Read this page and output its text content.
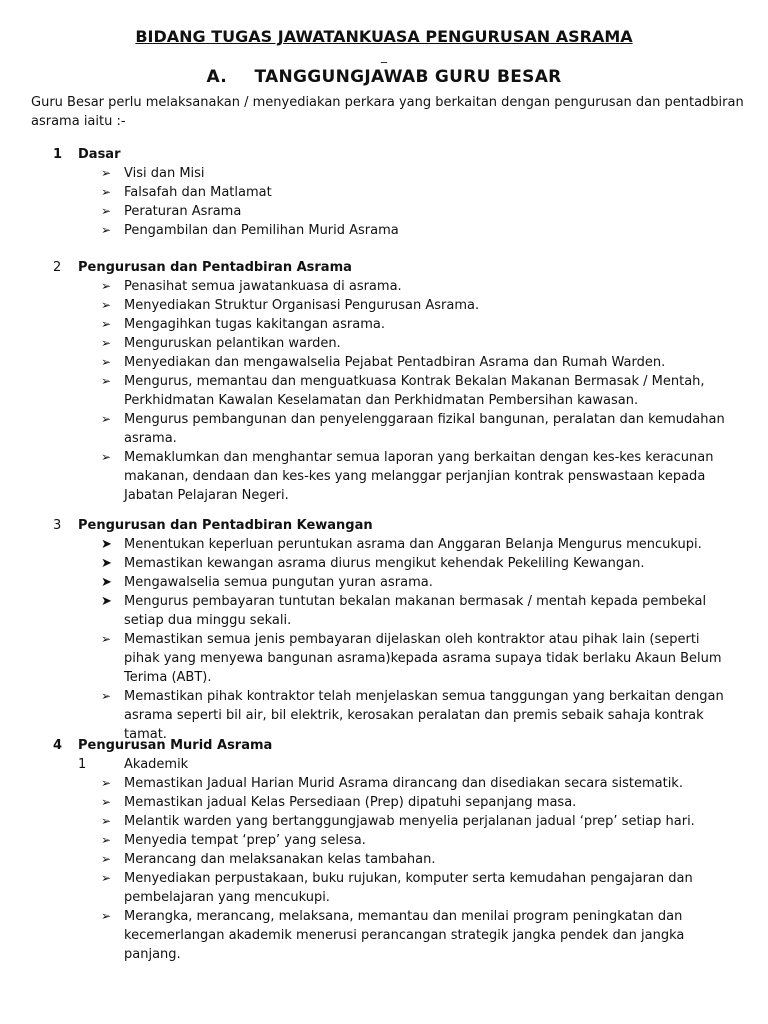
BIDANG TUGAS JAWATANKUASA PENGURUSAN ASRAMA
_
A. TANGGUNGJAWAB GURU BESAR
Guru Besar perlu melaksanakan / menyediakan perkara yang berkaitan dengan pengurusan dan pentadbiran asrama iaitu :-
1 Dasar
➢ Visi dan Misi
➢ Falsafah dan Matlamat
➢ Peraturan Asrama
➢ Pengambilan dan Pemilihan Murid Asrama
2 Pengurusan dan Pentadbiran Asrama
➢ Penasihat semua jawatankuasa di asrama.
➢ Menyediakan Struktur Organisasi Pengurusan Asrama.
➢ Mengagihkan tugas kakitangan asrama.
➢ Menguruskan pelantikan warden.
➢ Menyediakan dan mengawalselia Pejabat Pentadbiran Asrama dan Rumah Warden.
➢ Mengurus, memantau dan menguatkuasa Kontrak Bekalan Makanan Bermasak / Mentah, Perkhidmatan Kawalan Keselamatan dan Perkhidmatan Pembersihan kawasan.
➢ Mengurus pembangunan dan penyelenggaraan fizikal bangunan, peralatan dan kemudahan asrama.
➢ Memaklumkan dan menghantar semua laporan yang berkaitan dengan kes-kes keracunan makanan, dendaan dan kes-kes yang melanggar perjanjian kontrak penswastaan kepada Jabatan Pelajaran Negeri.
3 Pengurusan dan Pentadbiran Kewangan
➤ Menentukan keperluan peruntukan asrama dan Anggaran Belanja Mengurus mencukupi.
➤ Memastikan kewangan asrama diurus mengikut kehendak Pekeliling Kewangan.
➤ Mengawalselia semua pungutan yuran asrama.
➤ Mengurus pembayaran tuntutan bekalan makanan bermasak / mentah kepada pembekal setiap dua minggu sekali.
➢ Memastikan semua jenis pembayaran dijelaskan oleh kontraktor atau pihak lain (seperti pihak yang menyewa bangunan asrama)kepada asrama supaya tidak berlaku Akaun Belum Terima (ABT).
➢ Memastikan pihak kontraktor telah menjelaskan semua tanggungan yang berkaitan dengan asrama seperti bil air, bil elektrik, kerosakan peralatan dan premis sebaik sahaja kontrak tamat.
4 Pengurusan Murid Asrama
1	Akademik
➢ Memastikan Jadual Harian Murid Asrama dirancang dan disediakan secara sistematik.
➢ Memastikan jadual Kelas Persediaan (Prep) dipatuhi sepanjang masa.
➢ Melantik warden yang bertanggungjawab menyelia perjalanan jadual ‘prep’ setiap hari.
➢ Menyedia tempat ‘prep’ yang selesa.
➢ Merancang dan melaksanakan kelas tambahan.
➢ Menyediakan perpustakaan, buku rujukan, komputer serta kemudahan pengajaran dan pembelajaran yang mencukupi.
➢ Merangka, merancang, melaksana, memantau dan menilai program peningkatan dan kecemerlangan akademik menerusi perancangan strategik jangka pendek dan jangka panjang.
